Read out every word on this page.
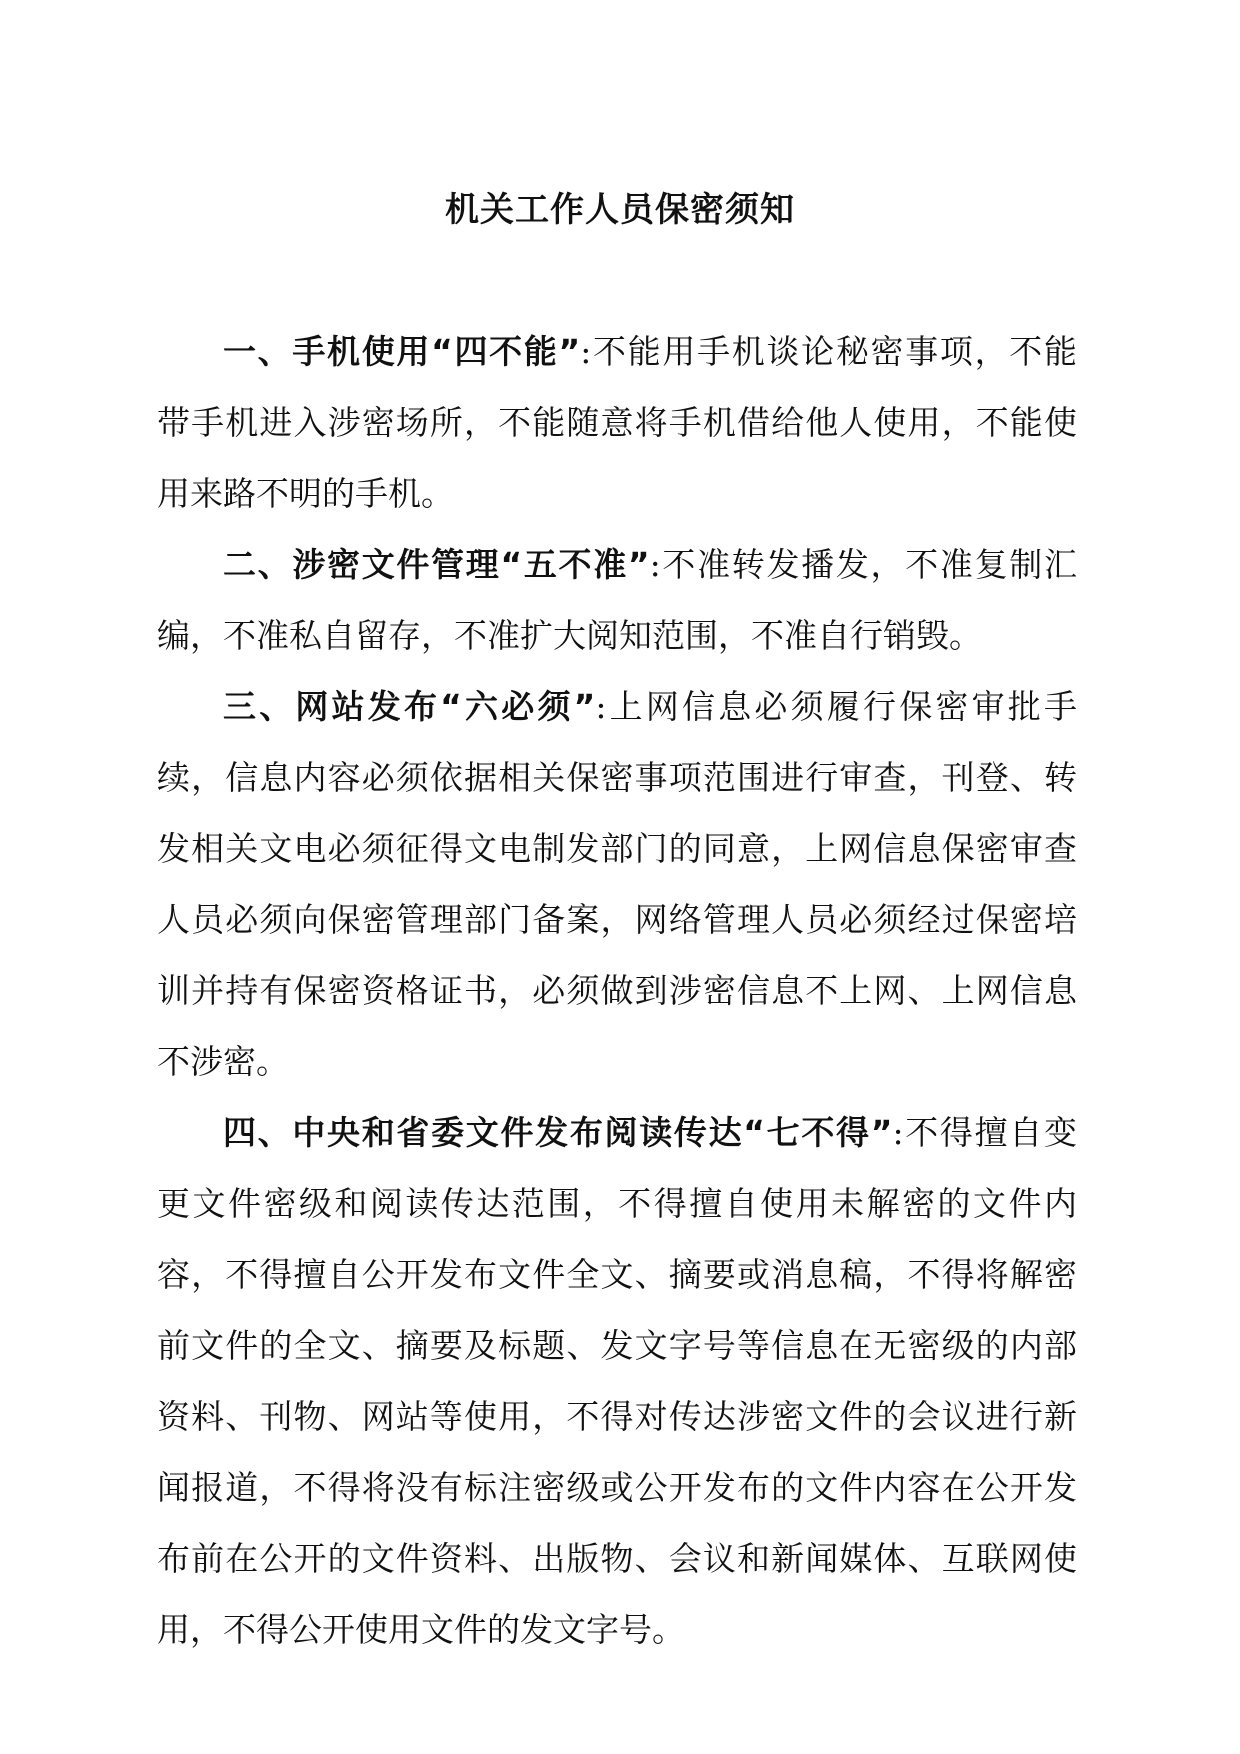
机关工作人员保密须知
一、手机使用“四不能”:不能用手机谈论秘密事项，不能
带手机进入涉密场所，不能随意将手机借给他人使用，不能使
用来路不明的手机。
二、涉密文件管理“五不准”:不准转发播发，不准复制汇
编，不准私自留存，不准扩大阅知范围，不准自行销毁。
三、网站发布“六必须”:上网信息必须履行保密审批手
续，信息内容必须依据相关保密事项范围进行审查，刊登、转
发相关文电必须征得文电制发部门的同意，上网信息保密审查
人员必须向保密管理部门备案，网络管理人员必须经过保密培
训并持有保密资格证书，必须做到涉密信息不上网、上网信息
不涉密。
四、中央和省委文件发布阅读传达“七不得”:不得擅自变
更文件密级和阅读传达范围，不得擅自使用未解密的文件内
容，不得擅自公开发布文件全文、摘要或消息稿，不得将解密
前文件的全文、摘要及标题、发文字号等信息在无密级的内部
资料、刊物、网站等使用，不得对传达涉密文件的会议进行新
闻报道，不得将没有标注密级或公开发布的文件内容在公开发
布前在公开的文件资料、出版物、会议和新闻媒体、互联网使
用，不得公开使用文件的发文字号。
